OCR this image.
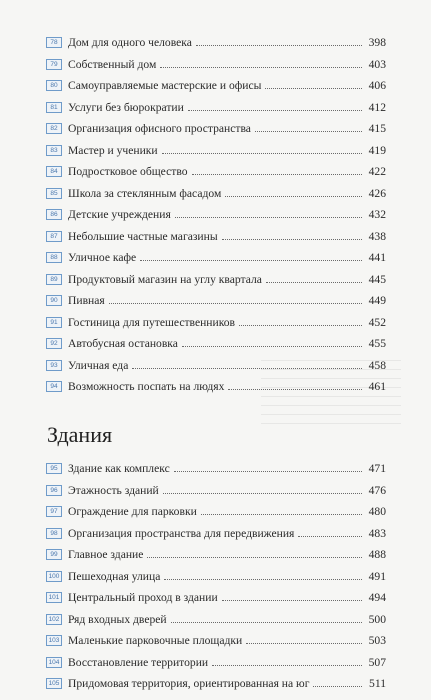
78 Дом для одного человека	398
79 Собственный дом	403
80 Самоуправляемые мастерские и офисы	406
81 Услуги без бюрократии	412
82 Организация офисного пространства	415
83 Мастер и ученики	419
84 Подростковое общество	422
85 Школа за стеклянным фасадом	426
86 Детские учреждения	432
87 Небольшие частные магазины	438
88 Уличное кафе	441
89 Продуктовый магазин на углу квартала	445
90 Пивная	449
91 Гостиница для путешественников	452
92 Автобусная остановка	455
93 Уличная еда	458
94 Возможность поспать на людях	461
Здания
95 Здание как комплекс	471
96 Этажность зданий	476
97 Ограждение для парковки	480
98 Организация пространства для передвижения	483
99 Главное здание	488
100 Пешеходная улица	491
101 Центральный проход в здании	494
102 Ряд входных дверей	500
103 Маленькие парковочные площадки	503
104 Восстановление территории	507
105 Придомовая территория, ориентированная на юг	511
